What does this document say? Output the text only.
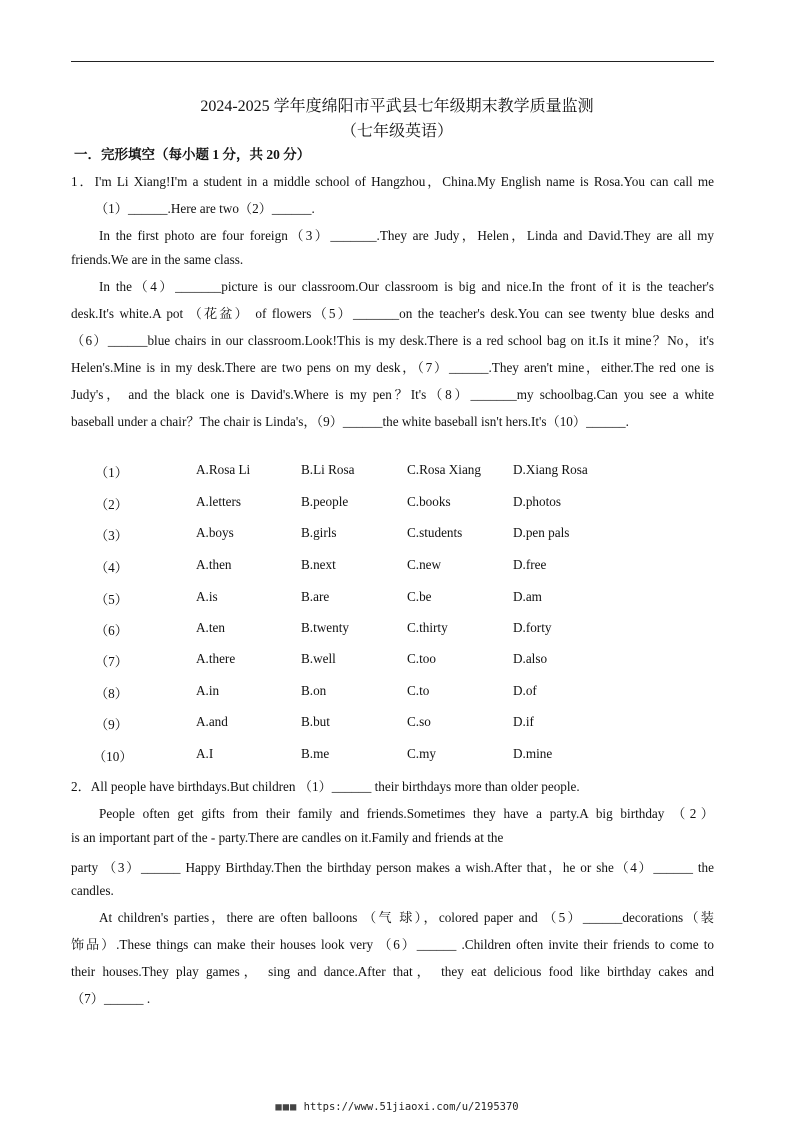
2024-2025 学年度绵阳市平武县七年级期末教学质量监测
（七年级英语）
一．完形填空（每小题 1 分，共 20 分）
1．I'm Li Xiang!I'm a student in a middle school of Hangzhou，China.My English name is Rosa.You can call me
（1）______.Here are two（2）______.
In the first photo are four foreign（3）_______.They are Judy，Helen，Linda and David.They are all my
friends.We are in the same class.
In the（4）_______picture is our classroom.Our classroom is big and nice.In the front of it is the teacher's
desk.It's white.A pot （花盆） of flowers（5）_______on the teacher's desk.You can see twenty blue desks and
（6）______blue chairs in our classroom.Look!This is my desk.There is a red school bag on it.Is it mine？No，it's
Helen's.Mine is in my desk.There are two pens on my desk，（7）______.They aren't mine，either.The red one is
Judy's， and the black one is David's.Where is my pen？It's（8）_______my schoolbag.Can you see a white
baseball under a chair？The chair is Linda's，（9）______the white baseball isn't hers.It's（10）______.
（1）	A.Rosa Li	B.Li Rosa	C.Rosa Xiang D.Xiang Rosa
（2）	A.letters	B.people	C.books	D.photos
（3）	A.boys	B.girls	C.students	D.pen pals
（4）	A.then	B.next	C.new	D.free
（5）	A.is	B.are	C.be	D.am
（6）	A.ten	B.twenty	C.thirty	D.forty
（7）	A.there	B.well	C.too	D.also
（8）	A.in	B.on	C.to	D.of
（9）	A.and	B.but	C.so	D.if
（10）	A.I	B.me	C.my	D.mine
2．All people have birthdays.But children （1）______ their birthdays more than older people.
People often get gifts from their family and friends.Sometimes they have a party.A big birthday （2）
is an important part of the - party.There are candles on it.Family and friends at the
party （3）______ Happy Birthday.Then the birthday person makes a wish.After that，he or she（4）______ the
candles.
At children's parties，there are often balloons （气 球），colored paper and （5）______decorations（装
饰品）.These things can make their houses look very （6）______ .Children often invite their friends to come to
their houses.They play games， sing and dance.After that， they eat delicious food like birthday cakes and
（7）______ .
■■■ https://www.51jiaoxi.com/u/2195370
